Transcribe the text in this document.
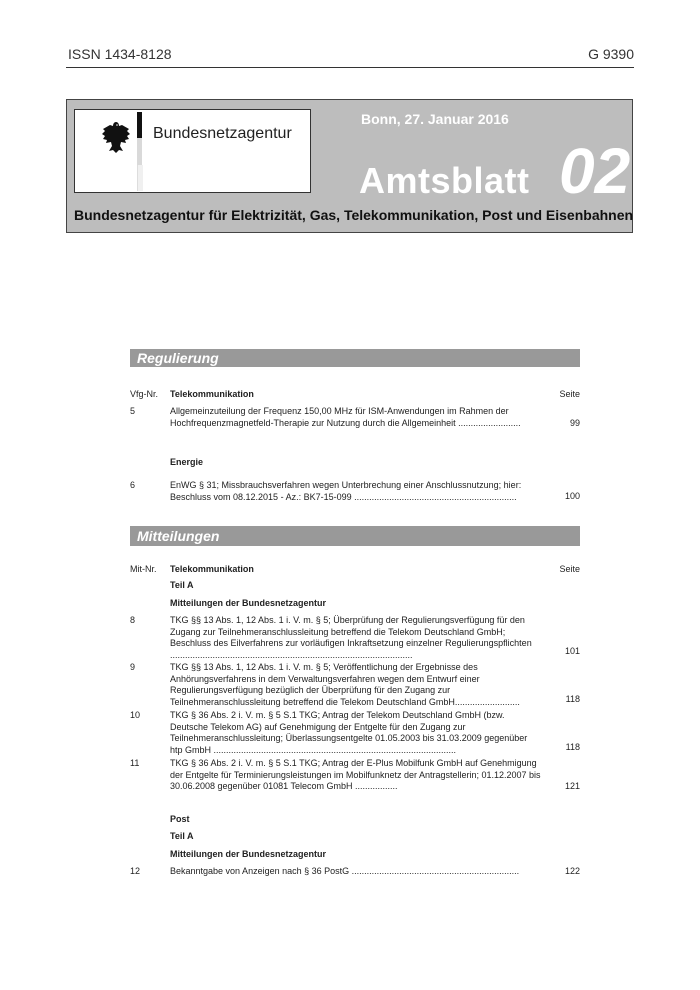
ISSN 1434-8128	G 9390
Bundesnetzagentur
Bonn, 27. Januar 2016
Amtsblatt 02
Bundesnetzagentur für Elektrizität, Gas, Telekommunikation, Post und Eisenbahnen
Regulierung
Vfg-Nr. Telekommunikation	Seite
5	Allgemeinzuteilung der Frequenz 150,00 MHz für ISM-Anwendungen im Rahmen der Hochfrequenzmagnetfeld-Therapie zur Nutzung durch die Allgemeinheit .........................	99
Energie
6	EnWG § 31; Missbrauchsverfahren wegen Unterbrechung einer Anschlussnutzung; hier: Beschluss vom 08.12.2015 - Az.: BK7-15-099 .................................................................	100
Mitteilungen
Mit-Nr. Telekommunikation	Seite
Teil A
Mitteilungen der Bundesnetzagentur
8	TKG §§ 13 Abs. 1, 12 Abs. 1 i. V. m. § 5; Überprüfung der Regulierungsverfügung für den Zugang zur Teilnehmeranschlussleitung betreffend die Telekom Deutschland GmbH; Beschluss des Eilverfahrens zur vorläufigen Inkraftsetzung einzelner Regulierungspflichten .................................................................................................	101
9	TKG §§ 13 Abs. 1, 12 Abs. 1 i. V. m. § 5; Veröffentlichung der Ergebnisse des Anhörungsverfahrens in dem Verwaltungsverfahren wegen dem Entwurf einer Regulierungsverfügung bezüglich der Überprüfung für den Zugang zur Teilnehmeranschlussleitung betreffend die Telekom Deutschland GmbH..........................	118
10	TKG § 36 Abs. 2 i. V. m. § 5 S.1 TKG; Antrag der Telekom Deutschland GmbH (bzw. Deutsche Telekom AG) auf Genehmigung der Entgelte für den Zugang zur Teilnehmeranschlussleitung; Überlassungsentgelte 01.05.2003 bis 31.03.2009 gegenüber htp GmbH .................................................................................................	118
11	TKG § 36 Abs. 2 i. V. m. § 5 S.1 TKG; Antrag der E-Plus Mobilfunk GmbH auf Genehmigung der Entgelte für Terminierungsleistungen im Mobilfunknetz der Antragstellerin; 01.12.2007 bis 30.06.2008 gegenüber 01081 Telecom GmbH .................	121
Post
Teil A
Mitteilungen der Bundesnetzagentur
12	Bekanntgabe von Anzeigen nach § 36 PostG ...................................................................	122
